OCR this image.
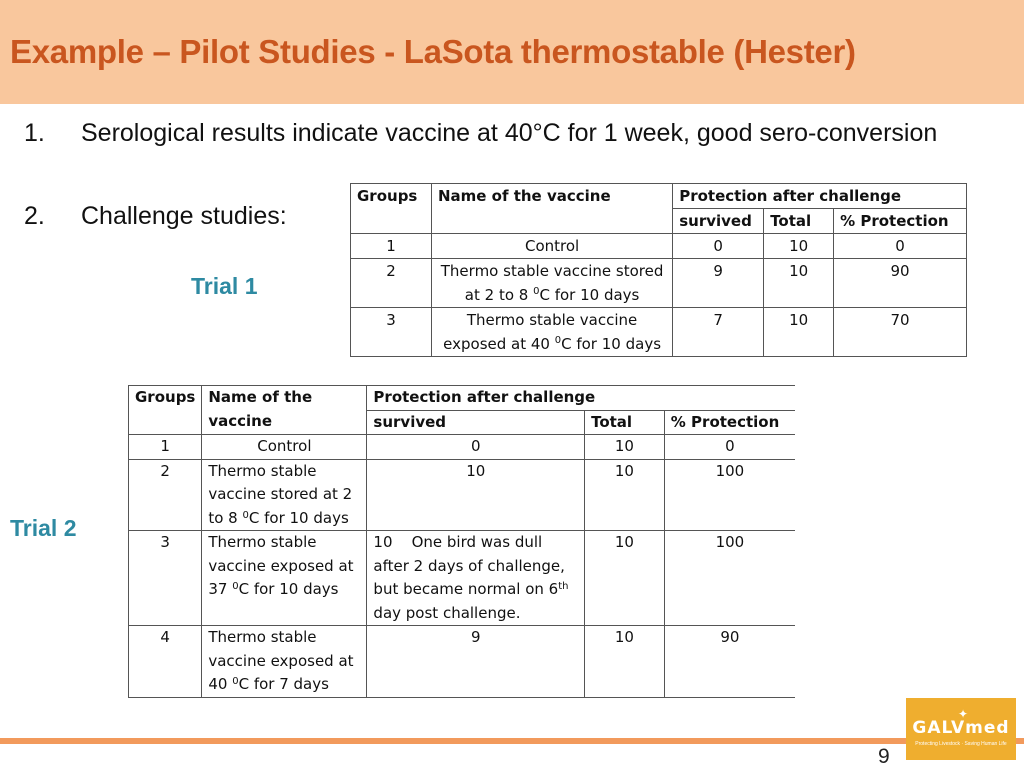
Example – Pilot Studies - LaSota thermostable (Hester)
1. Serological results indicate vaccine at 40°C for 1 week, good sero-conversion
2. Challenge studies:
Trial 1
Trial 2
Groups	Name of the vaccine	Protection after challenge		
		survived	Total	% Protection
1	Control	0	10	0
2	Thermo stable vaccine stored at 2 to 8 $^0$C for 10 days	9	10	90
3	Thermo stable vaccine exposed at 40 $^0$C for 10 days	7	10	70
Groups	Name of the vaccine	Protection after challenge		
		survived	Total	% Protection
1	Control	0	10	0
2	Thermo stable vaccine stored at 2 to 8 $^0$C for 10 days	10	10	100
3	Thermo stable vaccine exposed at 37 $^0$C for 10 days	10 One bird was dull after 2 days of challenge, but became normal on 6th day post challenge.	10	100
4	Thermo stable vaccine exposed at 40 $^0$C for 7 days	9	10	90
✦
GALVmed
Protecting Livestock · Saving Human Life
9
